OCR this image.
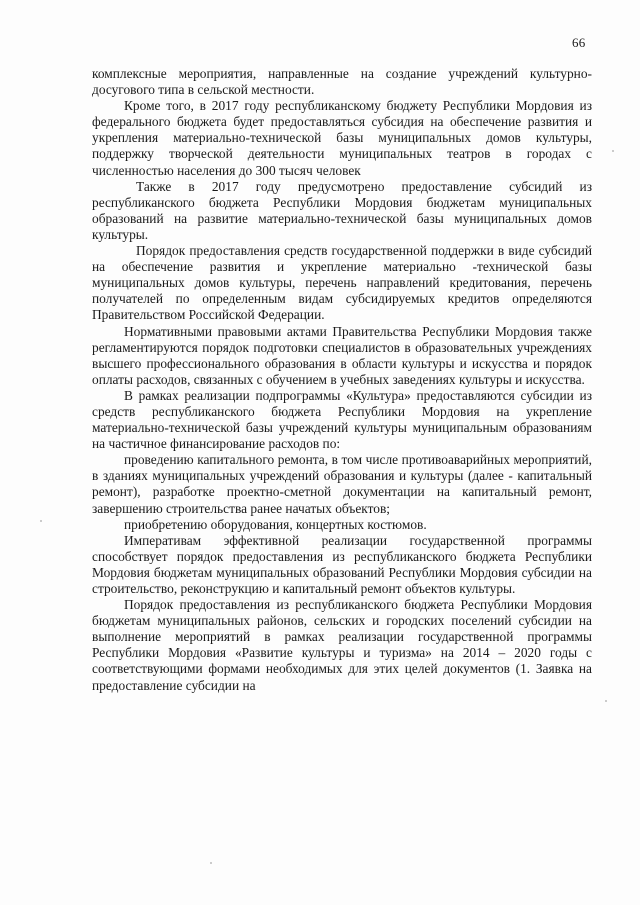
66

комплексные мероприятия, направленные на создание учреждений культурно-досугового типа в сельской местности.

Кроме того, в 2017 году республиканскому бюджету Республики Мордовия из федерального бюджета будет предоставляться субсидия на обеспечение развития и укрепления материально-технической базы муниципальных домов культуры, поддержку творческой деятельности муниципальных театров в городах с численностью населения до 300 тысяч человек

Также в 2017 году предусмотрено предоставление субсидий из республиканского бюджета Республики Мордовия бюджетам муниципальных образований на развитие материально-технической базы муниципальных домов культуры.

Порядок предоставления средств государственной поддержки в виде субсидий на обеспечение развития и укрепление материально -технической базы муниципальных домов культуры, перечень направлений кредитования, перечень получателей по определенным видам субсидируемых кредитов определяются Правительством Российской Федерации.

Нормативными правовыми актами Правительства Республики Мордовия также регламентируются порядок подготовки специалистов в образовательных учреждениях высшего профессионального образования в области культуры и искусства и порядок оплаты расходов, связанных с обучением в учебных заведениях культуры и искусства.

В рамках реализации подпрограммы «Культура» предоставляются субсидии из средств республиканского бюджета Республики Мордовия на укрепление материально-технической базы учреждений культуры муниципальным образованиям на частичное финансирование расходов по:

проведению капитального ремонта, в том числе противоаварийных мероприятий, в зданиях муниципальных учреждений образования и культуры (далее - капитальный ремонт), разработке проектно-сметной документации на капитальный ремонт, завершению строительства ранее начатых объектов;

приобретению оборудования, концертных костюмов.

Императивам эффективной реализации государственной программы способствует порядок предоставления из республиканского бюджета Республики Мордовия бюджетам муниципальных образований Республики Мордовия субсидии на строительство, реконструкцию и капитальный ремонт объектов культуры.

Порядок предоставления из республиканского бюджета Республики Мордовия бюджетам муниципальных районов, сельских и городских поселений субсидии на выполнение мероприятий в рамках реализации государственной программы Республики Мордовия «Развитие культуры и туризма» на 2014 – 2020 годы с соответствующими формами необходимых для этих целей документов (1. Заявка на предоставление субсидии на
